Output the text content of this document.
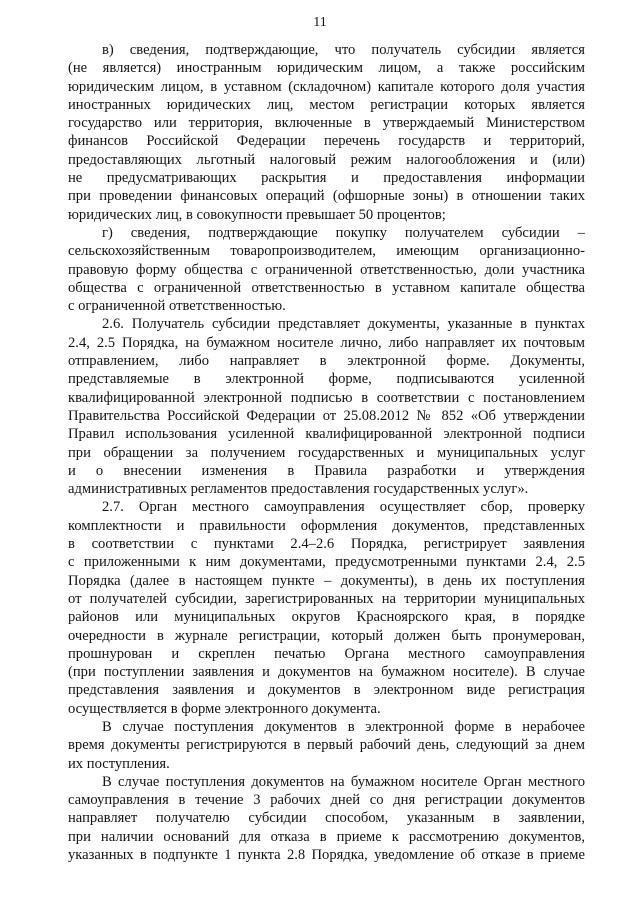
11
в) сведения, подтверждающие, что получатель субсидии является
(не является) иностранным юридическим лицом, а также российским
юридическим лицом, в уставном (складочном) капитале которого доля участия
иностранных юридических лиц, местом регистрации которых является
государство или территория, включенные в утверждаемый Министерством
финансов Российской Федерации перечень государств и территорий,
предоставляющих льготный налоговый режим налогообложения и (или)
не предусматривающих раскрытия и предоставления информации
при проведении финансовых операций (офшорные зоны) в отношении таких
юридических лиц, в совокупности превышает 50 процентов;
г) сведения, подтверждающие покупку получателем субсидии –
сельскохозяйственным товаропроизводителем, имеющим организационно-
правовую форму общества с ограниченной ответственностью, доли участника
общества с ограниченной ответственностью в уставном капитале общества
с ограниченной ответственностью.
2.6. Получатель субсидии представляет документы, указанные в пунктах
2.4, 2.5 Порядка, на бумажном носителе лично, либо направляет их почтовым
отправлением, либо направляет в электронной форме. Документы,
представляемые в электронной форме, подписываются усиленной
квалифицированной электронной подписью в соответствии с постановлением
Правительства Российской Федерации от 25.08.2012 № 852 «Об утверждении
Правил использования усиленной квалифицированной электронной подписи
при обращении за получением государственных и муниципальных услуг
и о внесении изменения в Правила разработки и утверждения
административных регламентов предоставления государственных услуг».
2.7. Орган местного самоуправления осуществляет сбор, проверку
комплектности и правильности оформления документов, представленных
в соответствии с пунктами 2.4–2.6 Порядка, регистрирует заявления
с приложенными к ним документами, предусмотренными пунктами 2.4, 2.5
Порядка (далее в настоящем пункте – документы), в день их поступления
от получателей субсидии, зарегистрированных на территории муниципальных
районов или муниципальных округов Красноярского края, в порядке
очередности в журнале регистрации, который должен быть пронумерован,
прошнурован и скреплен печатью Органа местного самоуправления
(при поступлении заявления и документов на бумажном носителе). В случае
представления заявления и документов в электронном виде регистрация
осуществляется в форме электронного документа.
В случае поступления документов в электронной форме в нерабочее
время документы регистрируются в первый рабочий день, следующий за днем
их поступления.
В случае поступления документов на бумажном носителе Орган местного
самоуправления в течение 3 рабочих дней со дня регистрации документов
направляет получателю субсидии способом, указанным в заявлении,
при наличии оснований для отказа в приеме к рассмотрению документов,
указанных в подпункте 1 пункта 2.8 Порядка, уведомление об отказе в приеме
